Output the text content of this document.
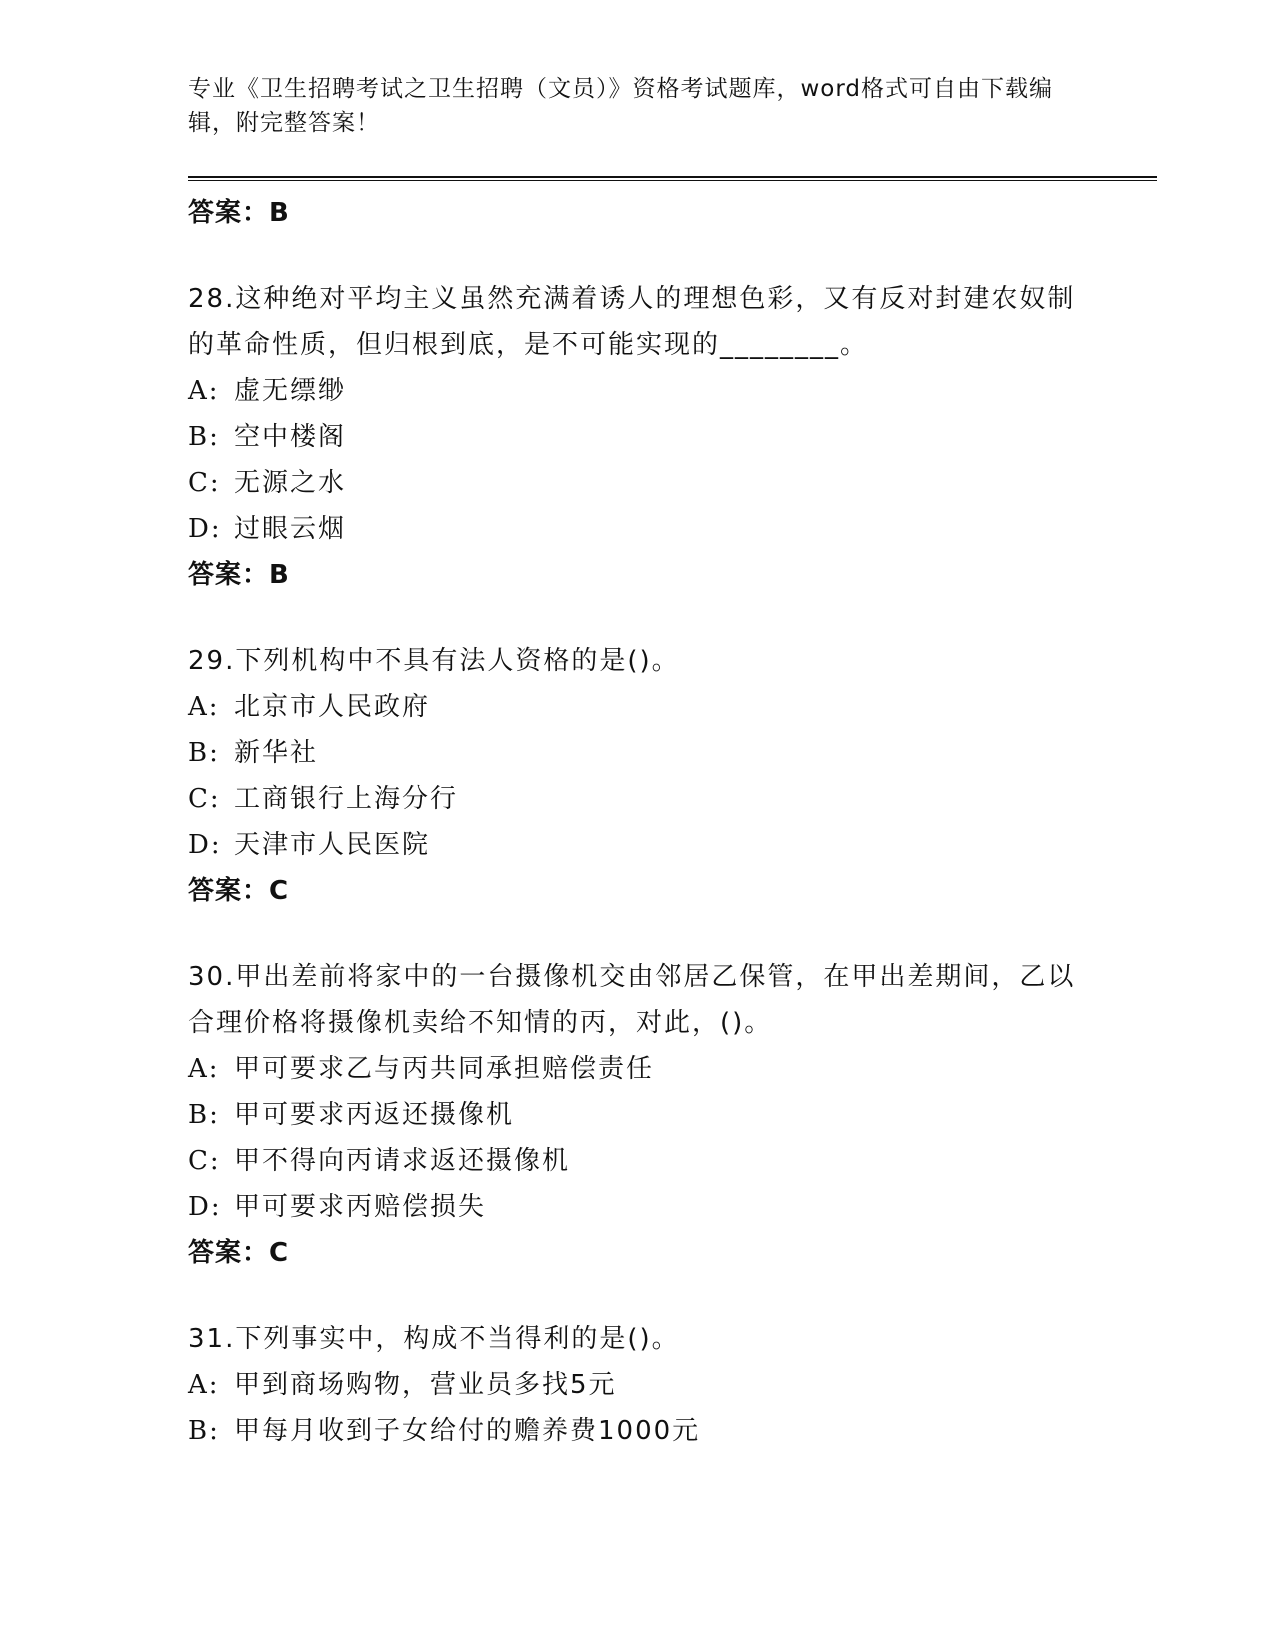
专业《卫生招聘考试之卫生招聘（文员）》资格考试题库，word格式可自由下载编辑，附完整答案！
答案：B
28.这种绝对平均主义虽然充满着诱人的理想色彩，又有反对封建农奴制的革命性质，但归根到底，是不可能实现的________。
A: 虚无缥缈
B: 空中楼阁
C: 无源之水
D: 过眼云烟
答案：B
29.下列机构中不具有法人资格的是()。
A: 北京市人民政府
B: 新华社
C: 工商银行上海分行
D: 天津市人民医院
答案：C
30.甲出差前将家中的一台摄像机交由邻居乙保管，在甲出差期间，乙以合理价格将摄像机卖给不知情的丙，对此，()。
A: 甲可要求乙与丙共同承担赔偿责任
B: 甲可要求丙返还摄像机
C: 甲不得向丙请求返还摄像机
D: 甲可要求丙赔偿损失
答案：C
31.下列事实中，构成不当得利的是()。
A: 甲到商场购物，营业员多找5元
B: 甲每月收到子女给付的赡养费1000元
